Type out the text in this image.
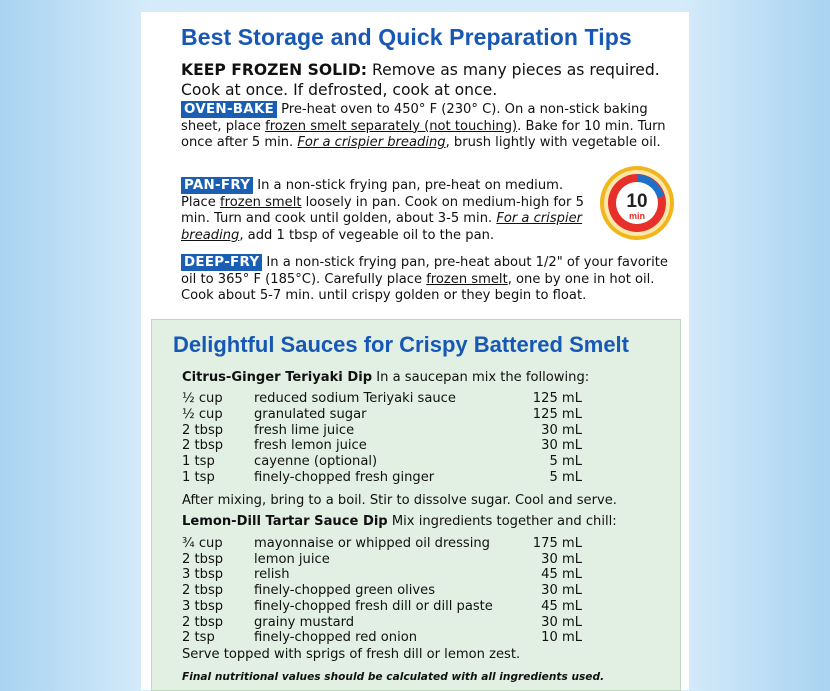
Best Storage and Quick Preparation Tips
KEEP FROZEN SOLID: Remove as many pieces as required. Cook at once. If defrosted, cook at once.
OVEN-BAKE Pre-heat oven to 450° F (230° C). On a non-stick baking sheet, place frozen smelt separately (not touching). Bake for 10 min. Turn once after 5 min. For a crispier breading, brush lightly with vegetable oil.
PAN-FRY In a non-stick frying pan, pre-heat on medium. Place frozen smelt loosely in pan. Cook on medium-high for 5 min. Turn and cook until golden, about 3-5 min. For a crispier breading, add 1 tbsp of vegeable oil to the pan.
10
min
DEEP-FRY In a non-stick frying pan, pre-heat about 1/2" of your favorite oil to 365° F (185°C). Carefully place frozen smelt, one by one in hot oil. Cook about 5-7 min. until crispy golden or they begin to float.
Delightful Sauces for Crispy Battered Smelt
Citrus-Ginger Teriyaki Dip In a saucepan mix the following:
½ cup reduced sodium Teriyaki sauce	125 mL
½ cup granulated sugar	125 mL
2 tbsp fresh lime juice	30 mL
2 tbsp fresh lemon juice	30 mL
1 tsp	cayenne (optional)	5 mL
1 tsp	finely-chopped fresh ginger	5 mL
After mixing, bring to a boil. Stir to dissolve sugar. Cool and serve.
Lemon-Dill Tartar Sauce Dip Mix ingredients together and chill:
¾ cup mayonnaise or whipped oil dressing	175 mL
2 tbsp lemon juice	30 mL
3 tbsp relish	45 mL
2 tbsp finely-chopped green olives	30 mL
3 tbsp finely-chopped fresh dill or dill paste	45 mL
2 tbsp grainy mustard	30 mL
2 tsp	finely-chopped red onion	10 mL
Serve topped with sprigs of fresh dill or lemon zest.
Final nutritional values should be calculated with all ingredients used.
